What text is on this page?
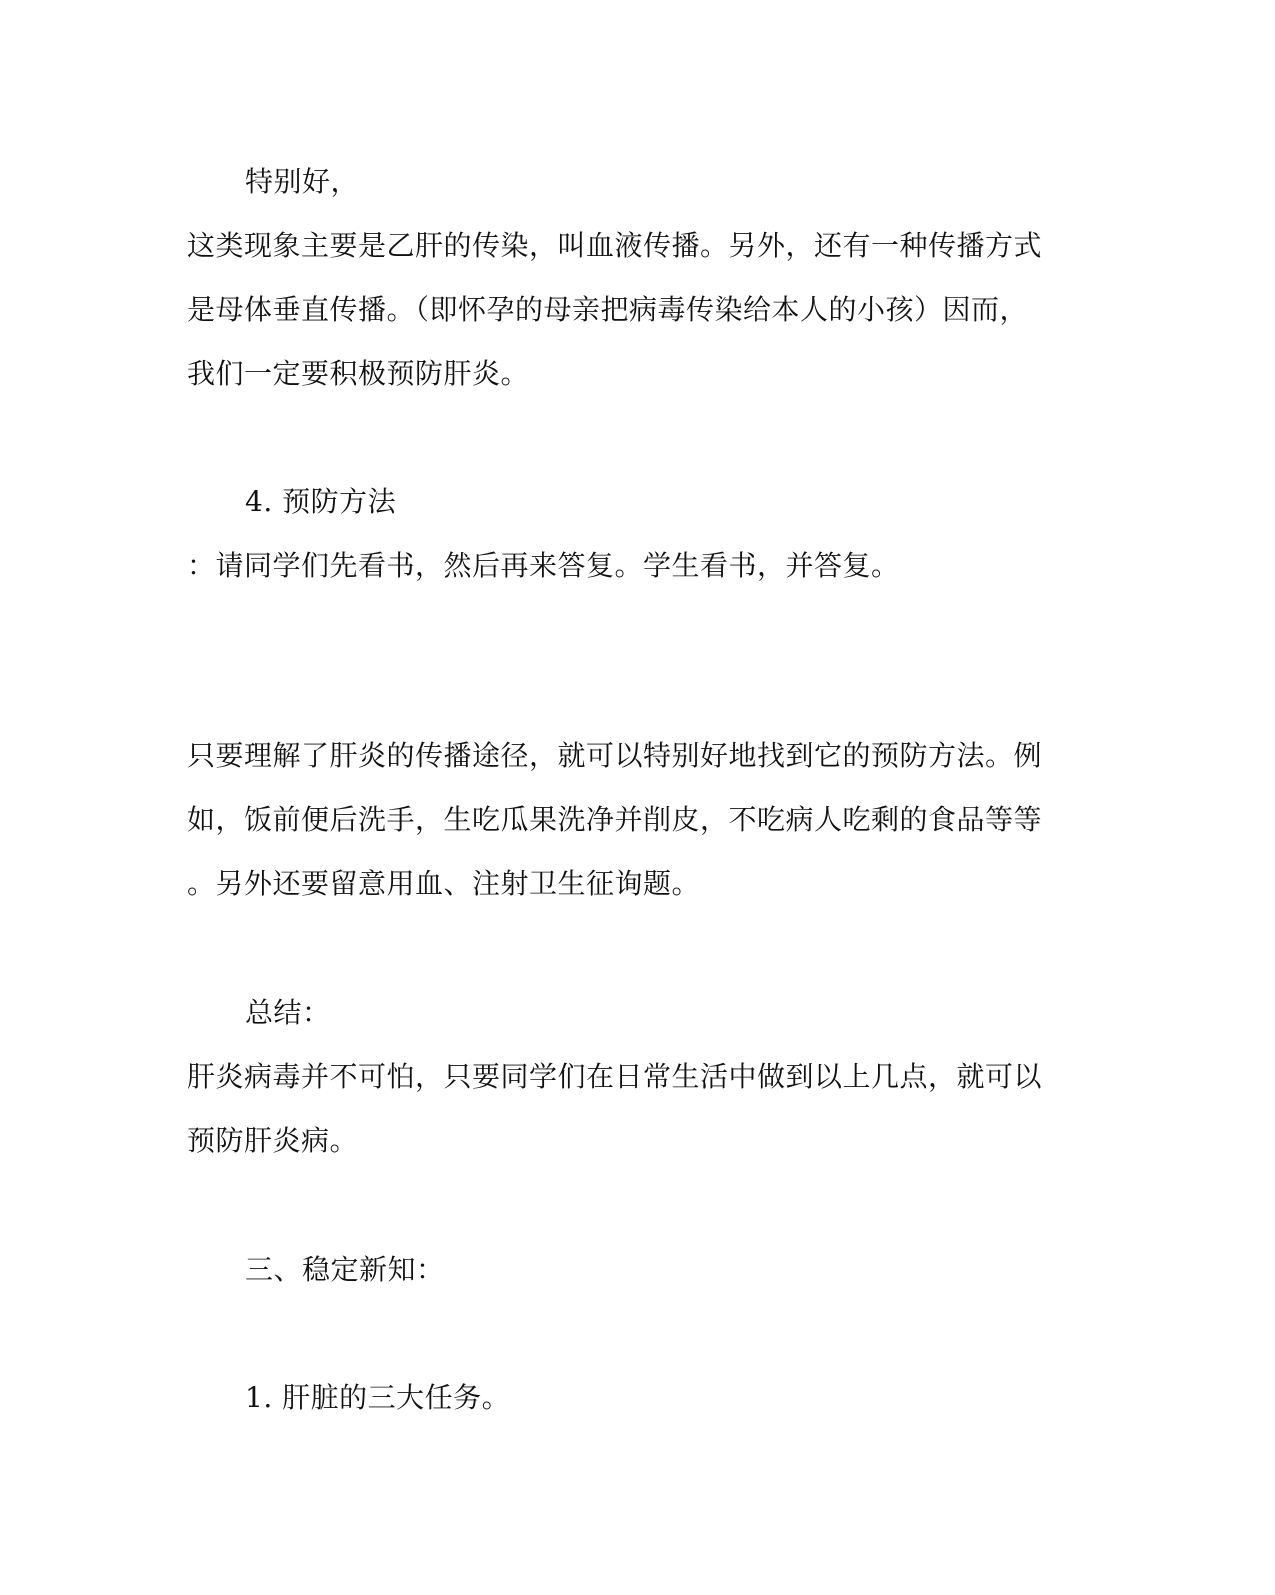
特别好，
这类现象主要是乙肝的传染，叫血液传播。另外，还有一种传播方式
是母体垂直传播。（即怀孕的母亲把病毒传染给本人的小孩）因而，
我们一定要积极预防肝炎。
4. 预防方法
：请同学们先看书，然后再来答复。学生看书，并答复。
只要理解了肝炎的传播途径，就可以特别好地找到它的预防方法。例
如，饭前便后洗手，生吃瓜果洗净并削皮，不吃病人吃剩的食品等等
。另外还要留意用血、注射卫生征询题。
总结：
肝炎病毒并不可怕，只要同学们在日常生活中做到以上几点，就可以
预防肝炎病。
三、稳定新知：
1. 肝脏的三大任务。
